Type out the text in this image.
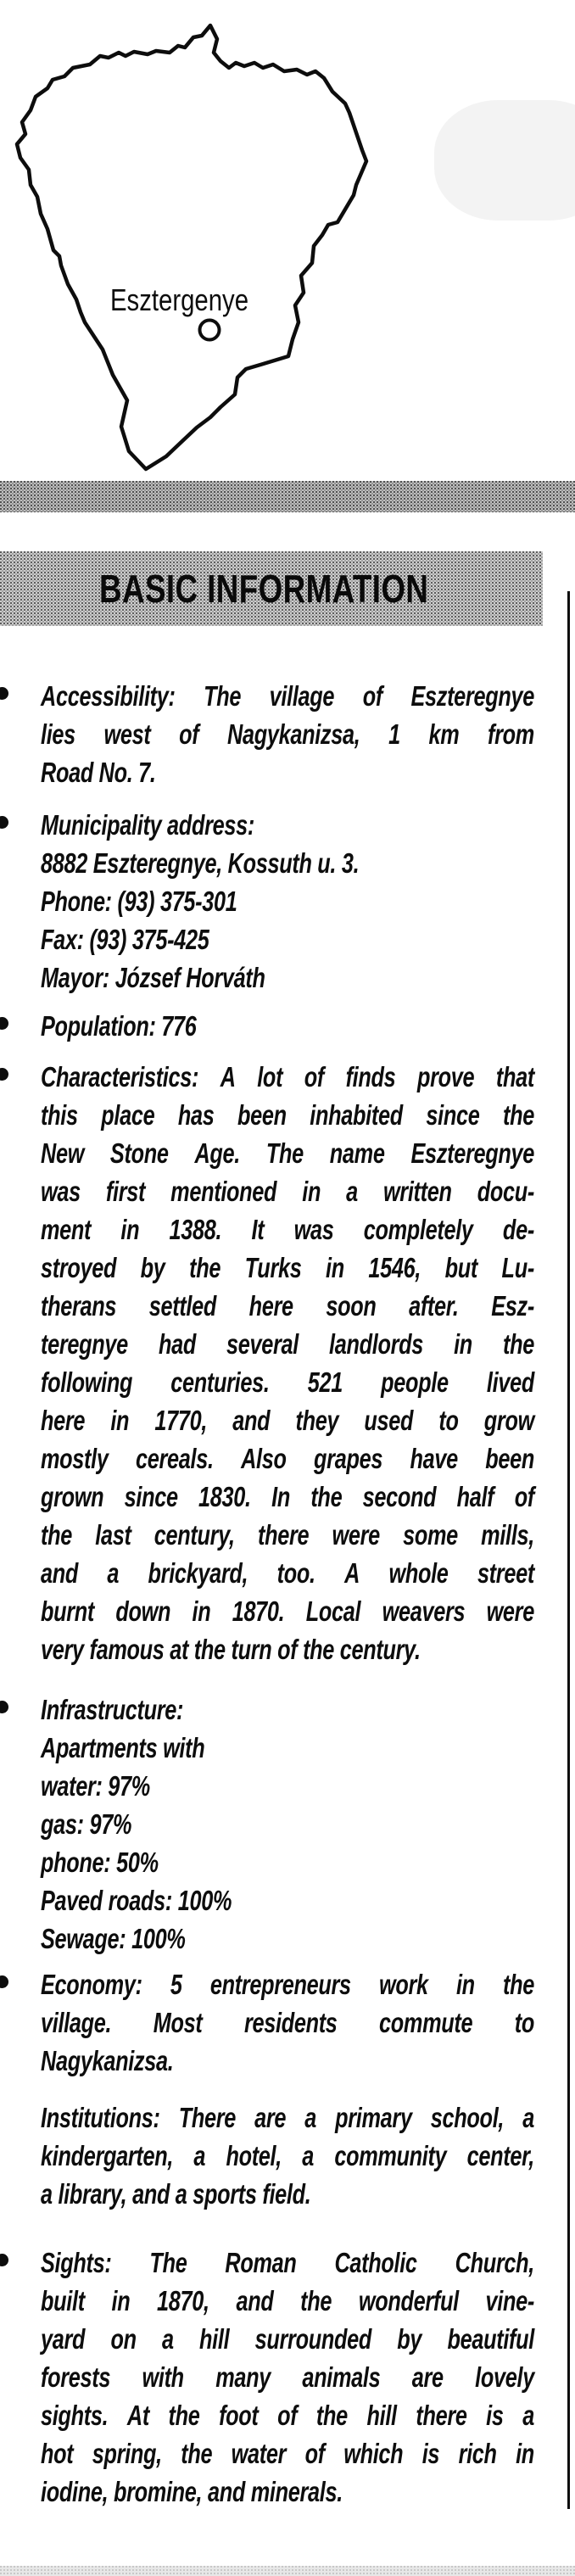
Esztergenye
BASIC INFORMATION
Accessibility: The village of Eszteregnye
lies west of Nagykanizsa, 1 km from
Road No. 7.
Municipality address:
8882 Eszteregnye, Kossuth u. 3.
Phone: (93) 375-301
Fax: (93) 375-425
Mayor: József Horváth
Population: 776
Characteristics: A lot of finds prove that
this place has been inhabited since the
New Stone Age. The name Eszteregnye
was first mentioned in a written docu-
ment in 1388. It was completely de-
stroyed by the Turks in 1546, but Lu-
therans settled here soon after. Esz-
teregnye had several landlords in the
following centuries. 521 people lived
here in 1770, and they used to grow
mostly cereals. Also grapes have been
grown since 1830. In the second half of
the last century, there were some mills,
and a brickyard, too. A whole street
burnt down in 1870. Local weavers were
very famous at the turn of the century.
Infrastructure:
Apartments with
water: 97%
gas: 97%
phone: 50%
Paved roads: 100%
Sewage: 100%
Economy: 5 entrepreneurs work in the
village. Most residents commute to
Nagykanizsa.
Institutions: There are a primary school, a
kindergarten, a hotel, a community center,
a library, and a sports field.
Sights: The Roman Catholic Church,
built in 1870, and the wonderful vine-
yard on a hill surrounded by beautiful
forests with many animals are lovely
sights. At the foot of the hill there is a
hot spring, the water of which is rich in
iodine, bromine, and minerals.
